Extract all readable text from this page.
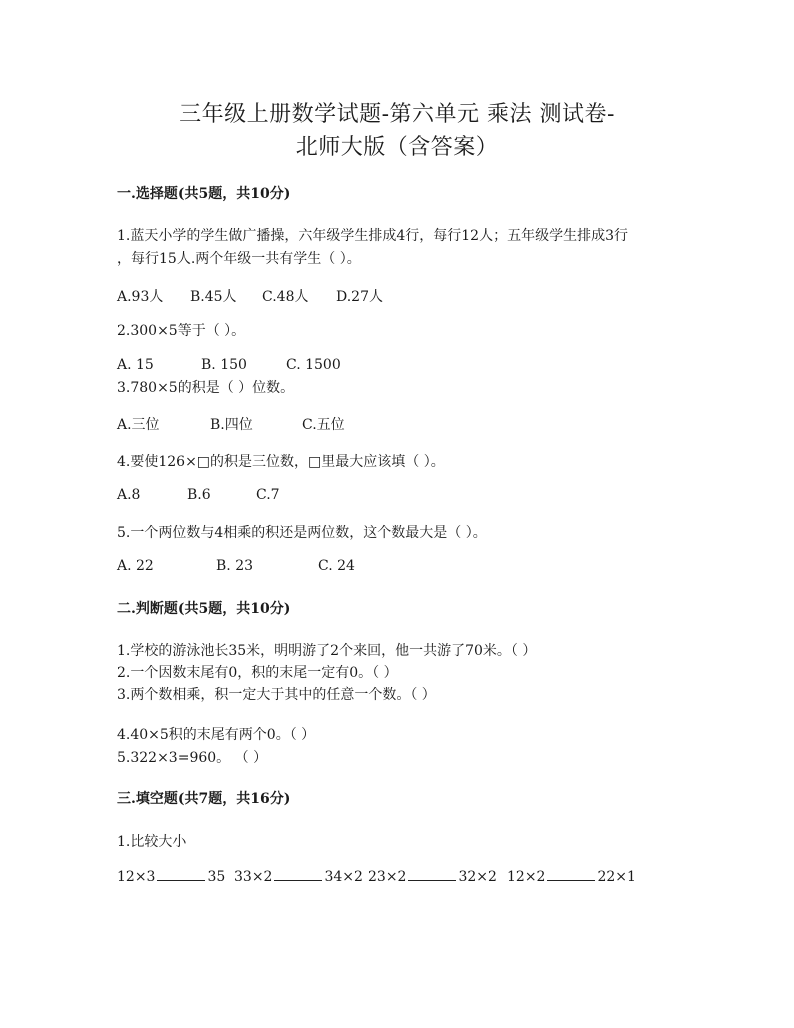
三年级上册数学试题-第六单元 乘法 测试卷-
北师大版（含答案）
一.选择题(共5题，共10分)
1.蓝天小学的学生做广播操，六年级学生排成4行，每行12人；五年级学生排成3行
，每行15人.两个年级一共有学生（ ）。
A.93人 B.45人 C.48人 D.27人
2.300×5等于（ ）。
A. 15	B. 150	C. 1500
3.780×5的积是（ ）位数。
A.三位	B.四位	C.五位
4.要使126×□的积是三位数，□里最大应该填（ ）。
A.8	B.6	C.7
5.一个两位数与4相乘的积还是两位数，这个数最大是（ ）。
A. 22	B. 23	C. 24
二.判断题(共5题，共10分)
1.学校的游泳池长35米，明明游了2个来回，他一共游了70米。（ ）
2.一个因数末尾有0，积的末尾一定有0。（ ）
3.两个数相乘，积一定大于其中的任意一个数。（ ）
4.40×5积的末尾有两个0。（ ）
5.322×3=960。 （ ）
三.填空题(共7题，共16分)
1.比较大小
12×3	35 33×2	34×2 23×2	32×2 12×2	22×1
